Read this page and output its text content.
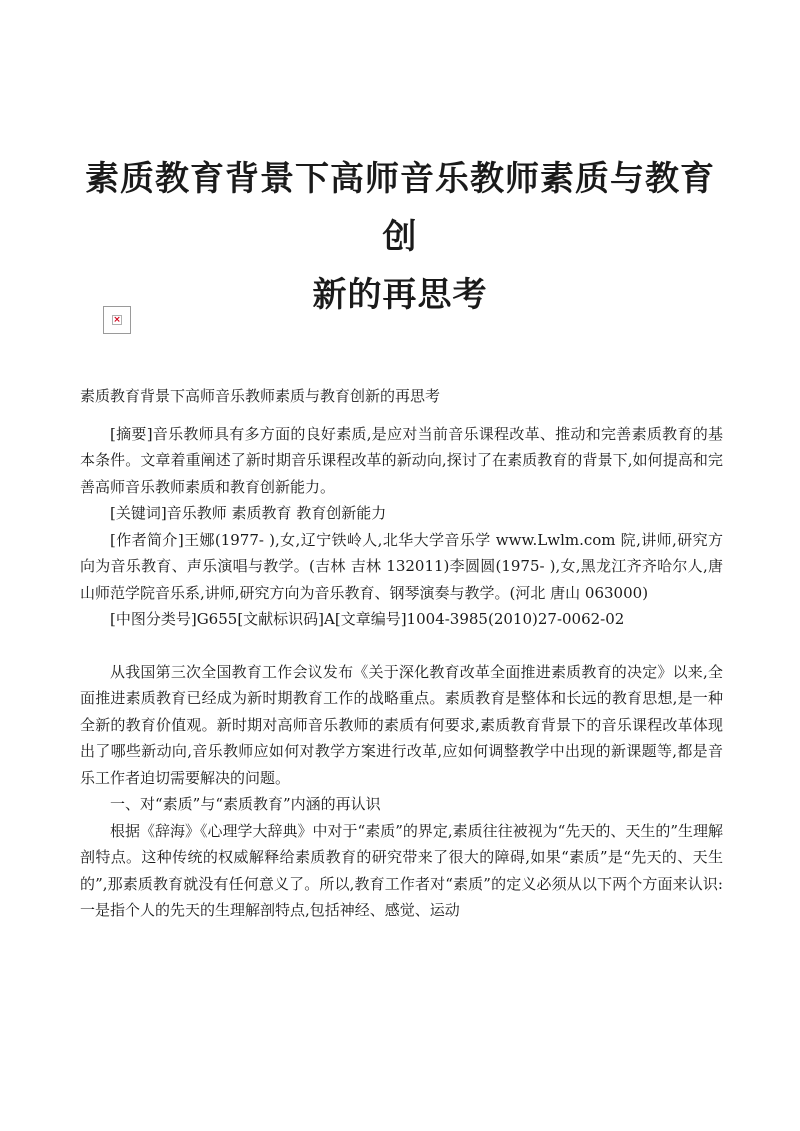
素质教育背景下高师音乐教师素质与教育创
新的再思考
×

素质教育背景下高师音乐教师素质与教育创新的再思考

[摘要]音乐教师具有多方面的良好素质,是应对当前音乐课程改革、推动和完善素质教育的基本条件。文章着重阐述了新时期音乐课程改革的新动向,探讨了在素质教育的背景下,如何提高和完善高师音乐教师素质和教育创新能力。

[关键词]音乐教师 素质教育 教育创新能力

[作者简介]王娜(1977- ),女,辽宁铁岭人,北华大学音乐学 www.Lwlm.com 院,讲师,研究方向为音乐教育、声乐演唱与教学。(吉林 吉林 132011)李圆圆(1975- ),女,黑龙江齐齐哈尔人,唐山师范学院音乐系,讲师,研究方向为音乐教育、钢琴演奏与教学。(河北 唐山 063000)

[中图分类号]G655[文献标识码]A[文章编号]1004-3985(2010)27-0062-02

从我国第三次全国教育工作会议发布《关于深化教育改革全面推进素质教育的决定》以来,全面推进素质教育已经成为新时期教育工作的战略重点。素质教育是整体和长远的教育思想,是一种全新的教育价值观。新时期对高师音乐教师的素质有何要求,素质教育背景下的音乐课程改革体现出了哪些新动向,音乐教师应如何对教学方案进行改革,应如何调整教学中出现的新课题等,都是音乐工作者迫切需要解决的问题。

一、对“素质”与“素质教育”内涵的再认识

根据《辞海》《心理学大辞典》中对于“素质”的界定,素质往往被视为“先天的、天生的”生理解剖特点。这种传统的权威解释给素质教育的研究带来了很大的障碍,如果“素质”是“先天的、天生的”,那素质教育就没有任何意义了。所以,教育工作者对“素质”的定义必须从以下两个方面来认识:一是指个人的先天的生理解剖特点,包括神经、感觉、运动
